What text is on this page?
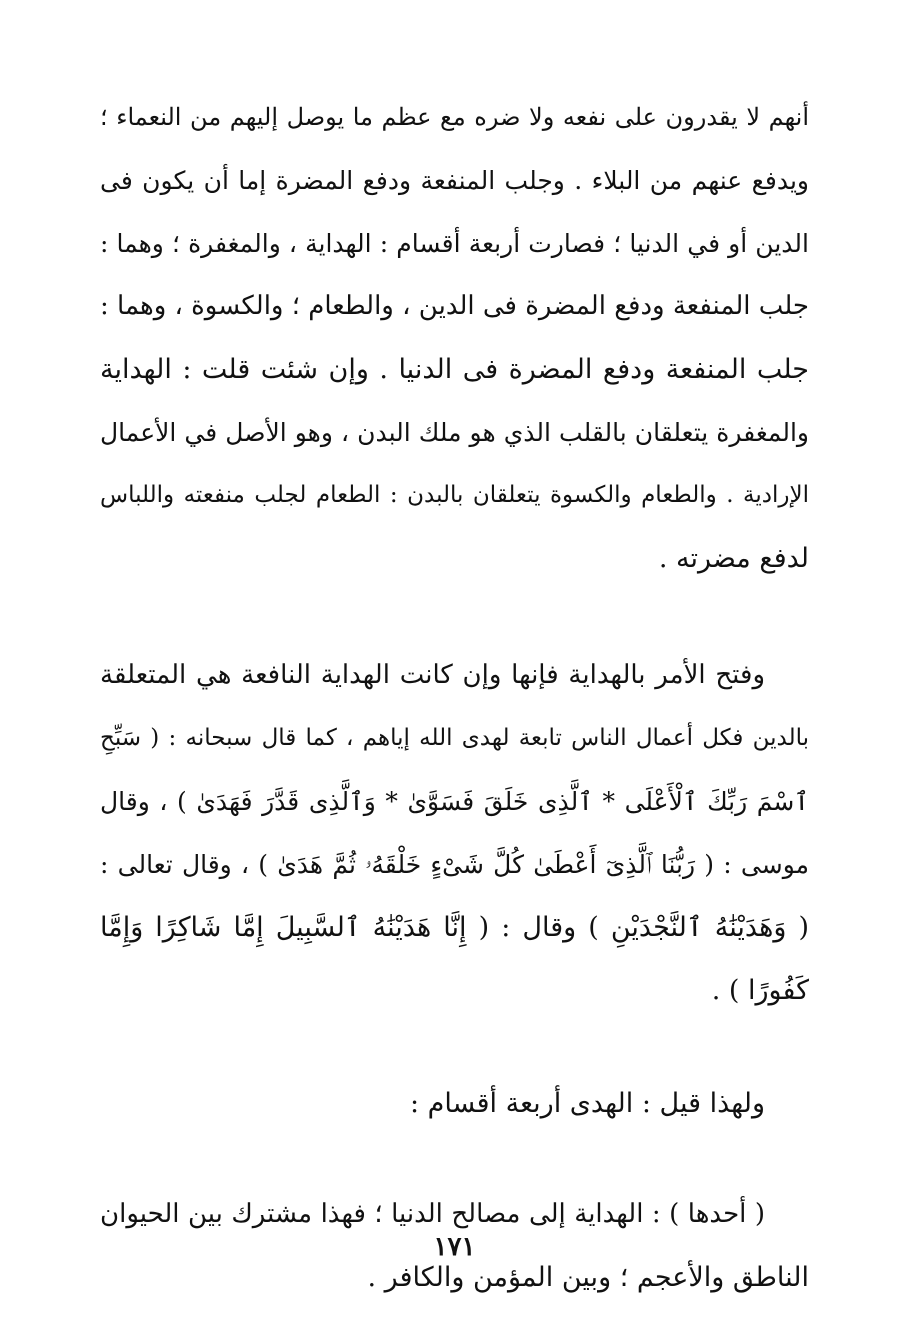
أنهم لا يقدرون على نفعه ولا ضره مع عظم ما يوصل إليهم من النعماء ؛
ويدفع عنهم من البلاء . وجلب المنفعة ودفع المضرة إما أن يكون فى
الدين أو في الدنيا ؛ فصارت أربعة أقسام : الهداية ، والمغفرة ؛ وهما :
جلب المنفعة ودفع المضرة فى الدين ، والطعام ؛ والكسوة ، وهما :
جلب المنفعة ودفع المضرة فى الدنيا . وإن شئت قلت : الهداية
والمغفرة يتعلقان بالقلب الذي هو ملك البدن ، وهو الأصل في الأعمال
الإرادية . والطعام والكسوة يتعلقان بالبدن : الطعام لجلب منفعته واللباس
لدفع مضرته .
وفتح الأمر بالهداية فإنها وإن كانت الهداية النافعة هي المتعلقة
بالدين فكل أعمال الناس تابعة لهدى الله إياهم ، كما قال سبحانه : ( سَبِّحِ
ٱسْمَ رَبِّكَ ٱلْأَعْلَى * ٱلَّذِى خَلَقَ فَسَوَّىٰ * وَٱلَّذِى قَدَّرَ فَهَدَىٰ ) ، وقال
موسى : ( رَبُّنَا ٱلَّذِىٓ أَعْطَىٰ كُلَّ شَىْءٍ خَلْقَهُۥ ثُمَّ هَدَىٰ ) ، وقال تعالى :
( وَهَدَيْنَٰهُ ٱلنَّجْدَيْنِ ) وقال : ( إِنَّا هَدَيْنَٰهُ ٱلسَّبِيلَ إِمَّا شَاكِرًا وَإِمَّا
كَفُورًا ) .
ولهذا قيل : الهدى أربعة أقسام :
( أحدها ) : الهداية إلى مصالح الدنيا ؛ فهذا مشترك بين الحيوان
الناطق والأعجم ؛ وبين المؤمن والكافر .
١٧١
